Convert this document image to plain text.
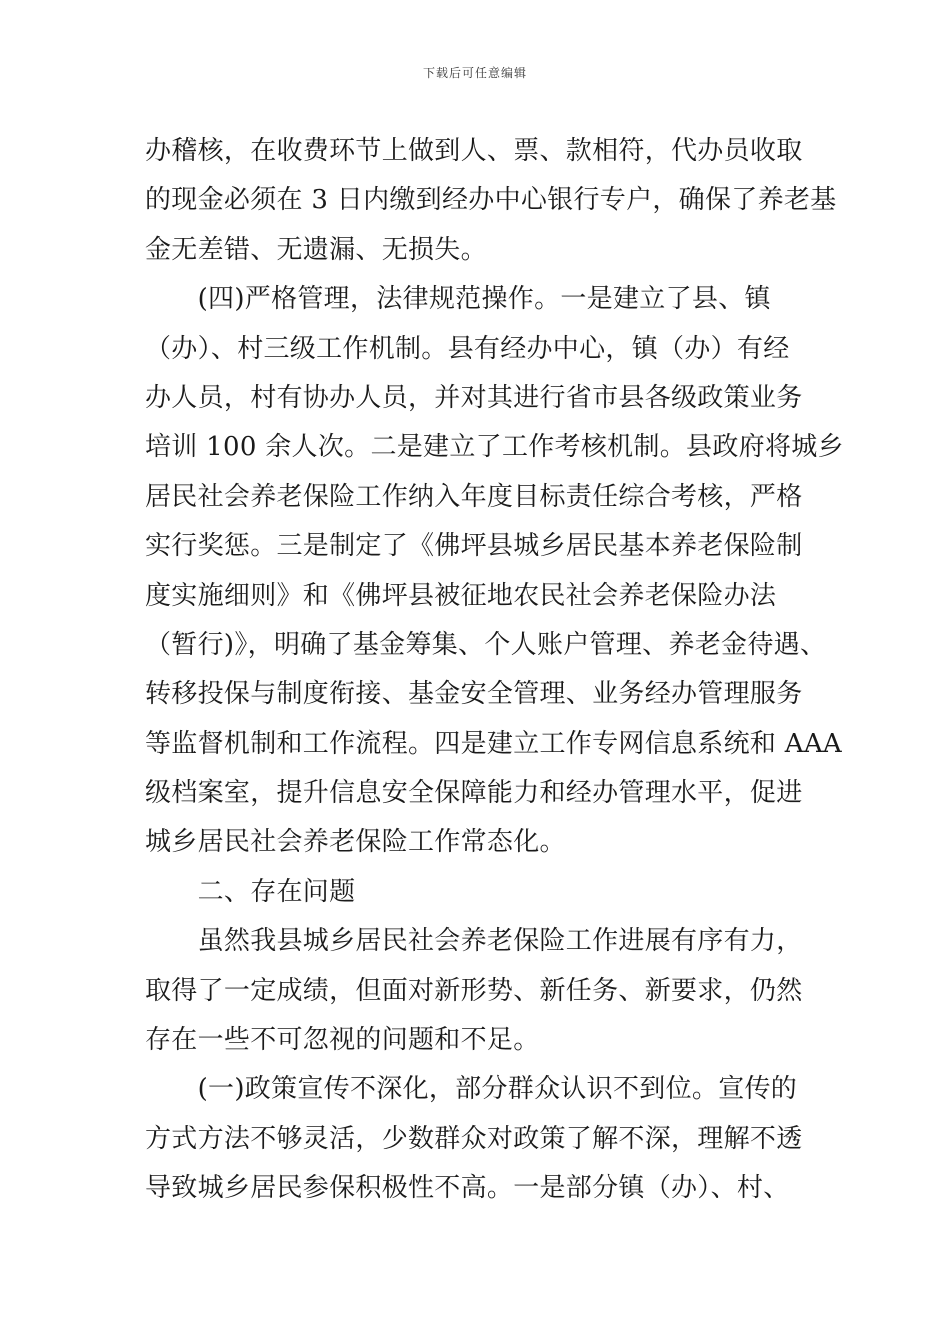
下载后可任意编辑
办稽核，在收费环节上做到人、票、款相符，代办员收取
的现金必须在 3 日内缴到经办中心银行专户，确保了养老基
金无差错、无遗漏、无损失。
　　(四)严格管理，法律规范操作。一是建立了县、镇
（办）、村三级工作机制。县有经办中心，镇（办）有经
办人员，村有协办人员，并对其进行省市县各级政策业务
培训 100 余人次。二是建立了工作考核机制。县政府将城乡
居民社会养老保险工作纳入年度目标责任综合考核，严格
实行奖惩。三是制定了《佛坪县城乡居民基本养老保险制
度实施细则》和《佛坪县被征地农民社会养老保险办法
（暂行)》，明确了基金筹集、个人账户管理、养老金待遇、
转移投保与制度衔接、基金安全管理、业务经办管理服务
等监督机制和工作流程。四是建立工作专网信息系统和 AAA
级档案室，提升信息安全保障能力和经办管理水平，促进
城乡居民社会养老保险工作常态化。
　　二、存在问题
　　虽然我县城乡居民社会养老保险工作进展有序有力，
取得了一定成绩，但面对新形势、新任务、新要求，仍然
存在一些不可忽视的问题和不足。
　　(一)政策宣传不深化，部分群众认识不到位。宣传的
方式方法不够灵活，少数群众对政策了解不深，理解不透
导致城乡居民参保积极性不高。一是部分镇（办）、村、
